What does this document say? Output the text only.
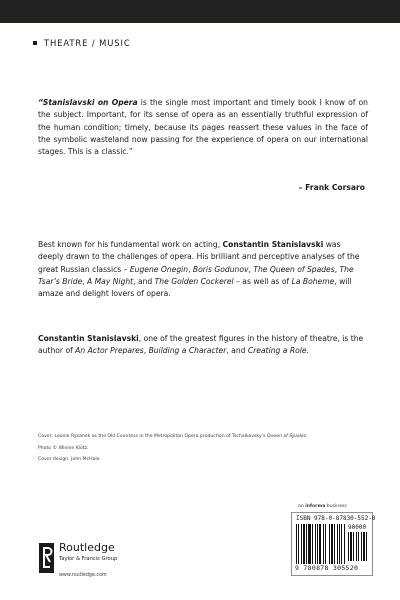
THEATRE / MUSIC
“Stanislavski on Opera is the single most important and timely book I know of on the subject. Important, for its sense of opera as an essentially truthful expression of the human condition; timely, because its pages reassert these values in the face of the symbolic wasteland now passing for the experience of opera on our international stages. This is a classic.”
– Frank Corsaro
Best known for his fundamental work on acting, Constantin Stanislavski was deeply drawn to the challenges of opera. His brilliant and perceptive analyses of the great Russian classics – Eugene Onegin, Boris Godunov, The Queen of Spades, The Tsar’s Bride, A May Night, and The Golden Cockerel – as well as of La Boheme, will amaze and delight lovers of opera.
Constantin Stanislavski, one of the greatest figures in the history of theatre, is the author of An Actor Prepares, Building a Character, and Creating a Role.
Cover: Leonie Rysanek as the Old Countess in the Metropolitan Opera production of Tschaikovsky’s Queen of Spades.
Photo © Winnie Klotz.
Cover design: John McHale.
an informa business
ISBN 978-0-87830-552-0
90000
9 780878 305520
Routledge
Taylor & Francis Group
www.routledge.com
